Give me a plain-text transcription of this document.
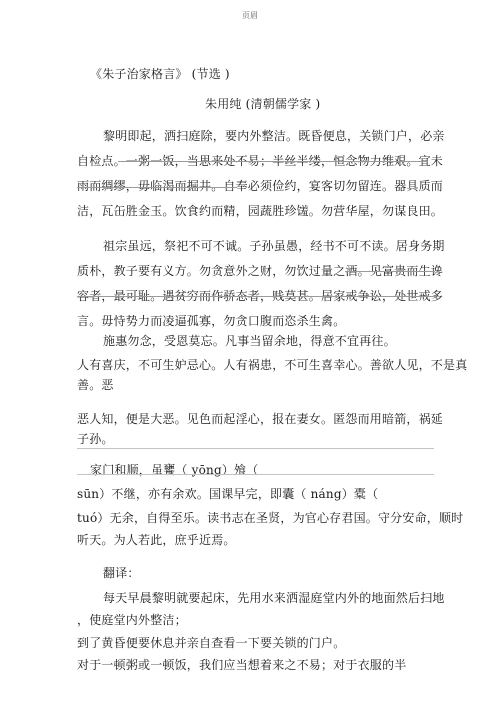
页眉
《朱子治家格言》 (节选 )
朱用纯 (清朝儒学家 )
黎明即起，洒扫庭除，要内外整洁。既昏便息，关锁门户，必亲
自检点。一粥一饭，当思来处不易；半丝半缕，恒念物力维艰。宜未
雨而绸缪，毋临渴而掘井。自奉必须俭约，宴客切勿留连。器具质而
洁，瓦缶胜金玉。饮食约而精，园蔬胜珍馐。勿营华屋，勿谋良田。
祖宗虽远，祭祀不可不诚。子孙虽愚，经书不可不读。居身务期
质朴，教子要有义方。勿贪意外之财，勿饮过量之酒。见富贵而生谗
容者，最可耻。遇贫穷而作骄态者，贱莫甚。居家戒争讼，处世戒多
言。毋恃势力而凌逼孤寡，勿贪口腹而恣杀生禽。
施惠勿念，受恩莫忘。凡事当留余地，得意不宜再往。
人有喜庆，不可生妒忌心。人有祸患，不可生喜幸心。善欲人见，不是真
善。恶
恶人知，便是大恶。见色而起淫心，报在妻女。匿怨而用暗箭，祸延
子孙。
家门和顺，虽饔（ yōng）飧（
sūn）不继，亦有余欢。国课早完，即囊（ náng）橐（
tuó）无余，自得至乐。读书志在圣贤，为官心存君国。守分安命，顺时
听天。为人若此，庶乎近焉。
翻译：
每天早晨黎明就要起床，先用水来洒湿庭堂内外的地面然后扫地
，使庭堂内外整洁；
到了黄昏便要休息并亲自查看一下要关锁的门户。
对于一顿粥或一顿饭，我们应当想着来之不易；对于衣服的半
